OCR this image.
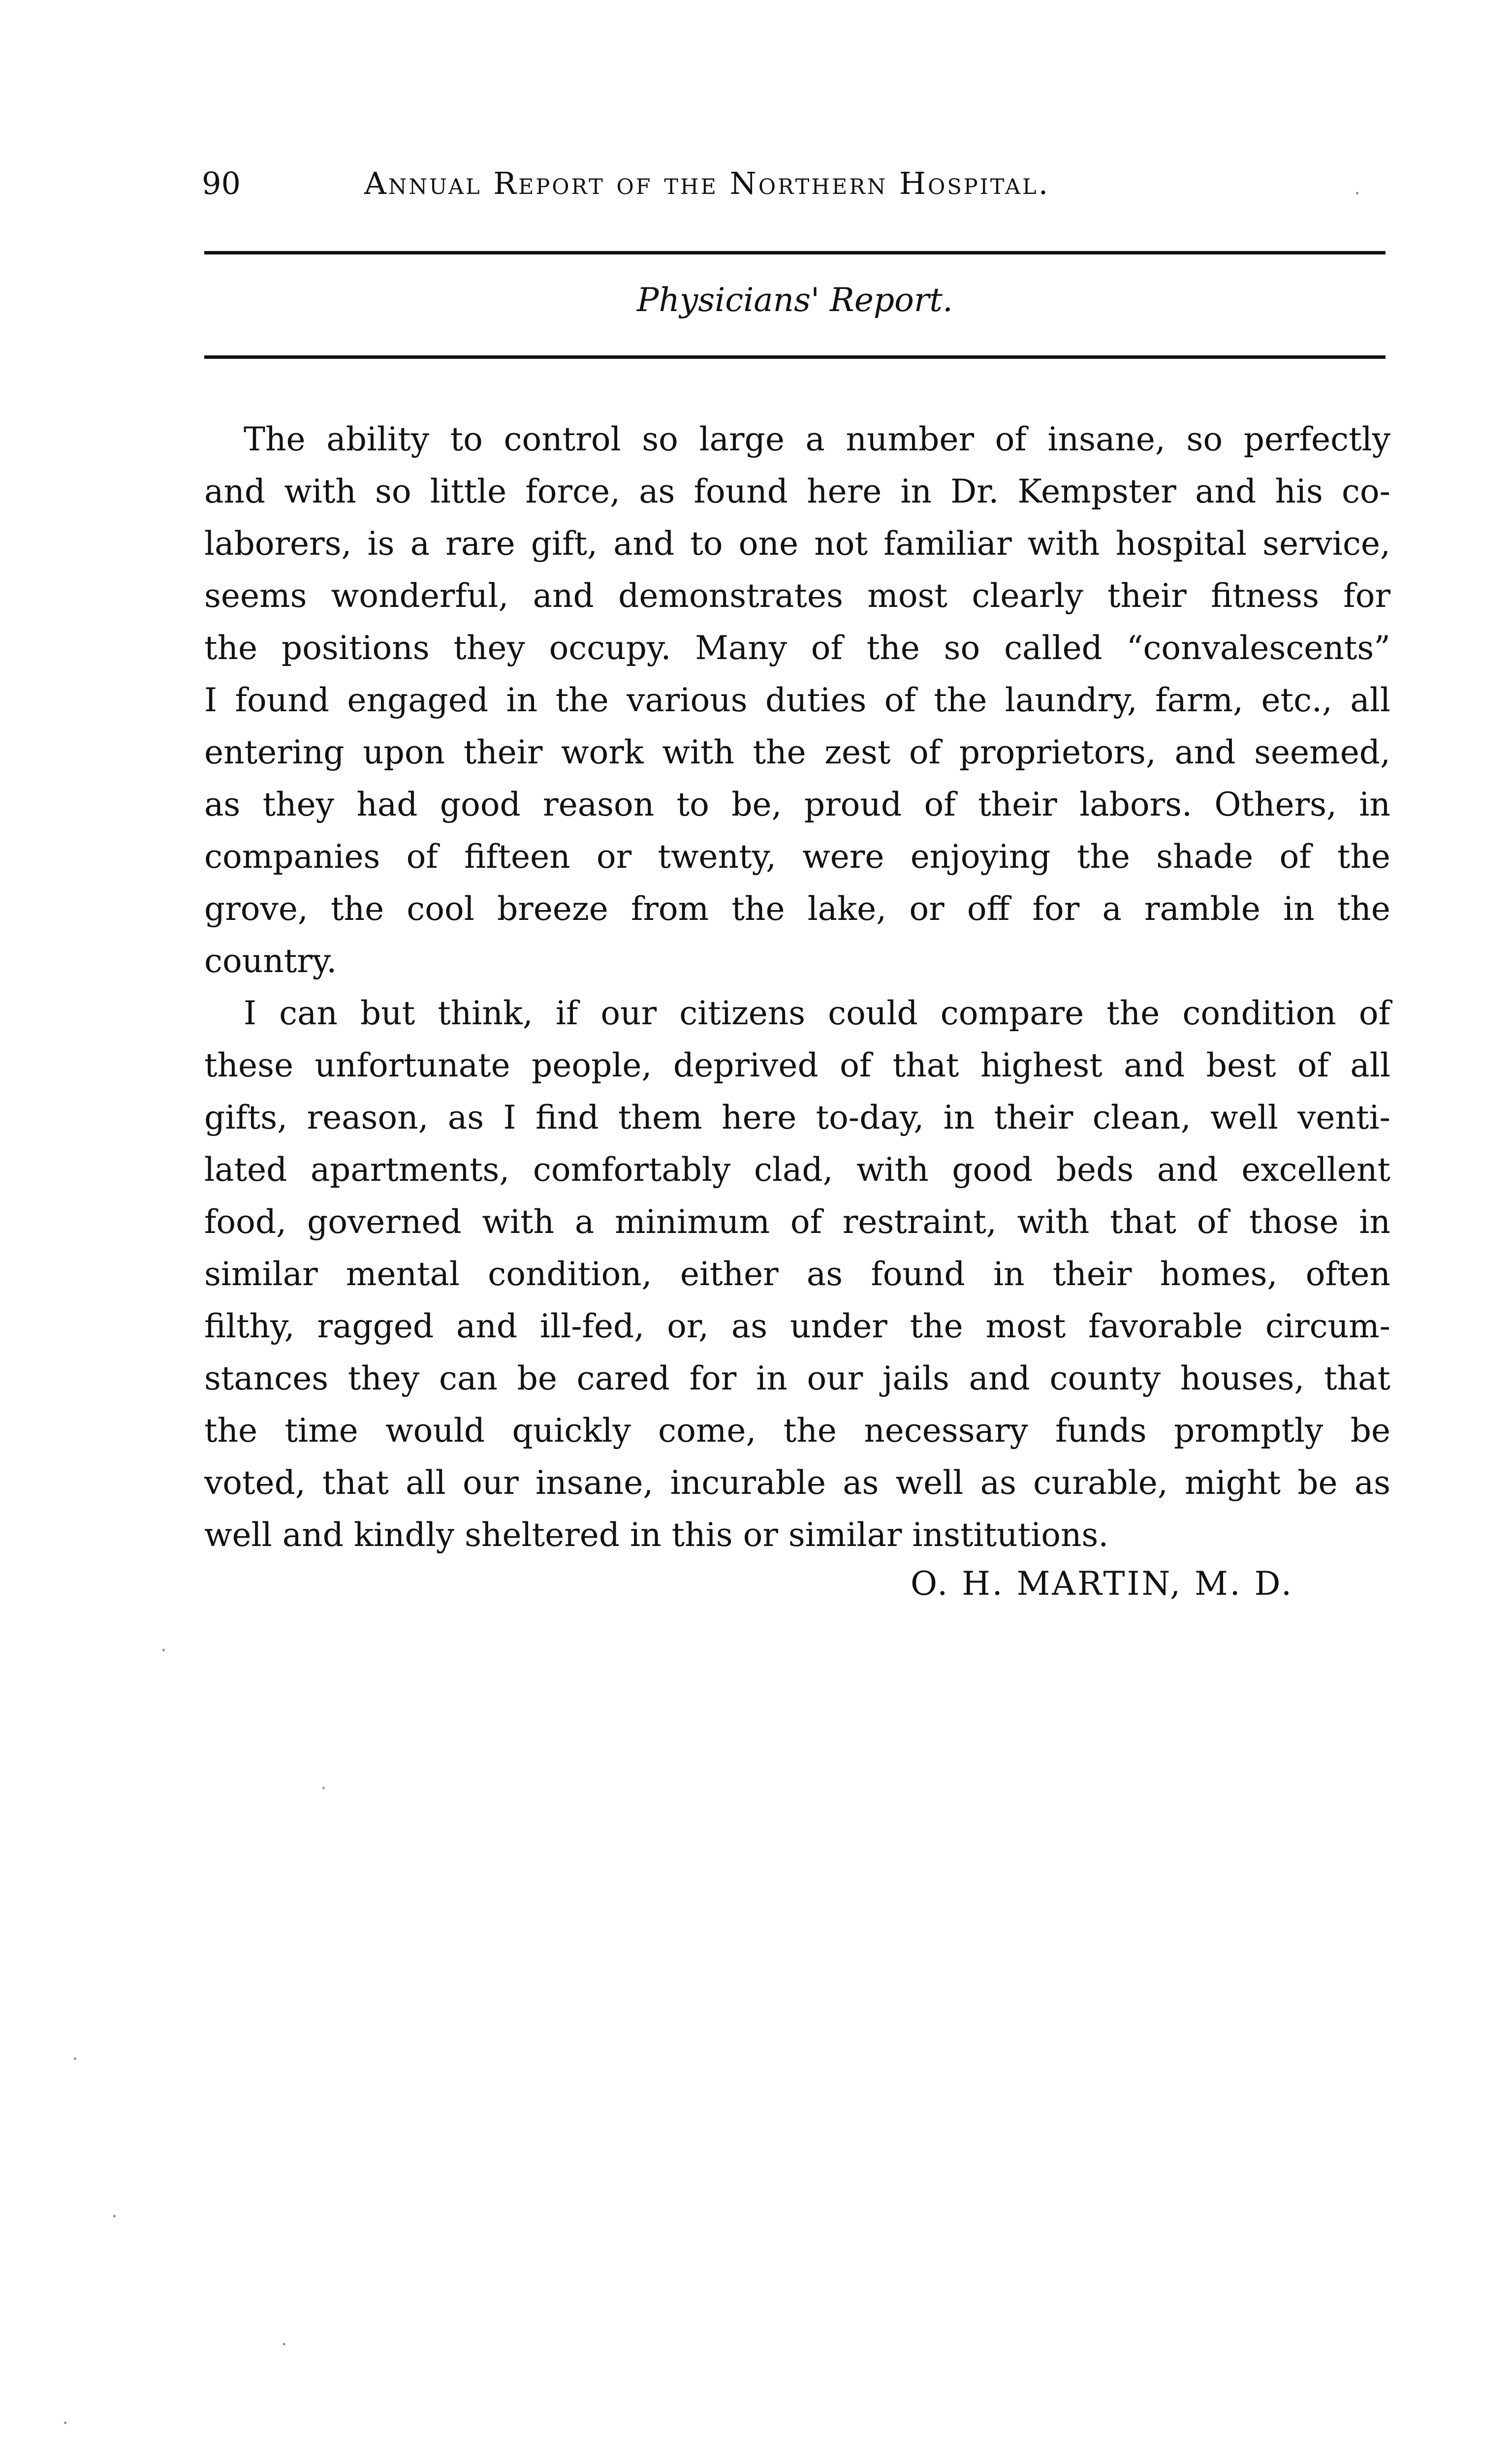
90	Annual Report of the Northern Hospital.
Physicians' Report.
The ability to control so large a number of insane, so perfectly
and with so little force, as found here in Dr. Kempster and his co-
laborers, is a rare gift, and to one not familiar with hospital service,
seems wonderful, and demonstrates most clearly their fitness for
the positions they occupy. Many of the so called “convalescents”
I found engaged in the various duties of the laundry, farm, etc., all
entering upon their work with the zest of proprietors, and seemed,
as they had good reason to be, proud of their labors. Others, in
companies of fifteen or twenty, were enjoying the shade of the
grove, the cool breeze from the lake, or off for a ramble in the
country.
I can but think, if our citizens could compare the condition of
these unfortunate people, deprived of that highest and best of all
gifts, reason, as I find them here to-day, in their clean, well venti-
lated apartments, comfortably clad, with good beds and excellent
food, governed with a minimum of restraint, with that of those in
similar mental condition, either as found in their homes, often
filthy, ragged and ill-fed, or, as under the most favorable circum-
stances they can be cared for in our jails and county houses, that
the time would quickly come, the necessary funds promptly be
voted, that all our insane, incurable as well as curable, might be as
well and kindly sheltered in this or similar institutions.
O. H. MARTIN, M. D.
